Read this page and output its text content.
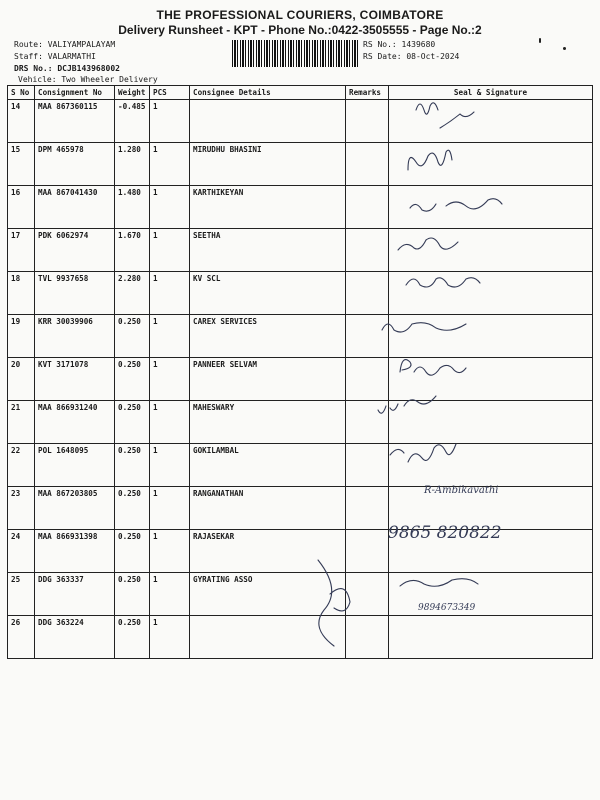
THE PROFESSIONAL COURIERS, COIMBATORE
Delivery Runsheet - KPT - Phone No.:0422-3505555 - Page No.:2
Route: VALIYAMPALAYAM
Staff: VALARMATHI
DRS No.: DCJB143968002
Vehicle: Two Wheeler Delivery
RS No.: 1439680
RS Date: 08-Oct-2024
S No	Consignment No	Weight	PCS	Consignee Details	Remarks	Seal & Signature
14	MAA 867360115	-0.485	1			
15	DPM 465978	1.280	1	MIRUDHU BHASINI		
16	MAA 867041430	1.480	1	KARTHIKEYAN		
17	PDK 6062974	1.670	1	SEETHA		
18	TVL 9937658	2.280	1	KV SCL		
19	KRR 30039906	0.250	1	CAREX SERVICES		
20	KVT 3171078	0.250	1	PANNEER SELVAM		
21	MAA 866931240	0.250	1	MAHESWARY		
22	POL 1648095	0.250	1	GOKILAMBAL		
23	MAA 867203805	0.250	1	RANGANATHAN		
24	MAA 866931398	0.250	1	RAJASEKAR		
25	DDG 363337	0.250	1	GYRATING ASSO		
26	DDG 363224	0.250	1			
R-Ambikavathi
9865 820822
9894673349
